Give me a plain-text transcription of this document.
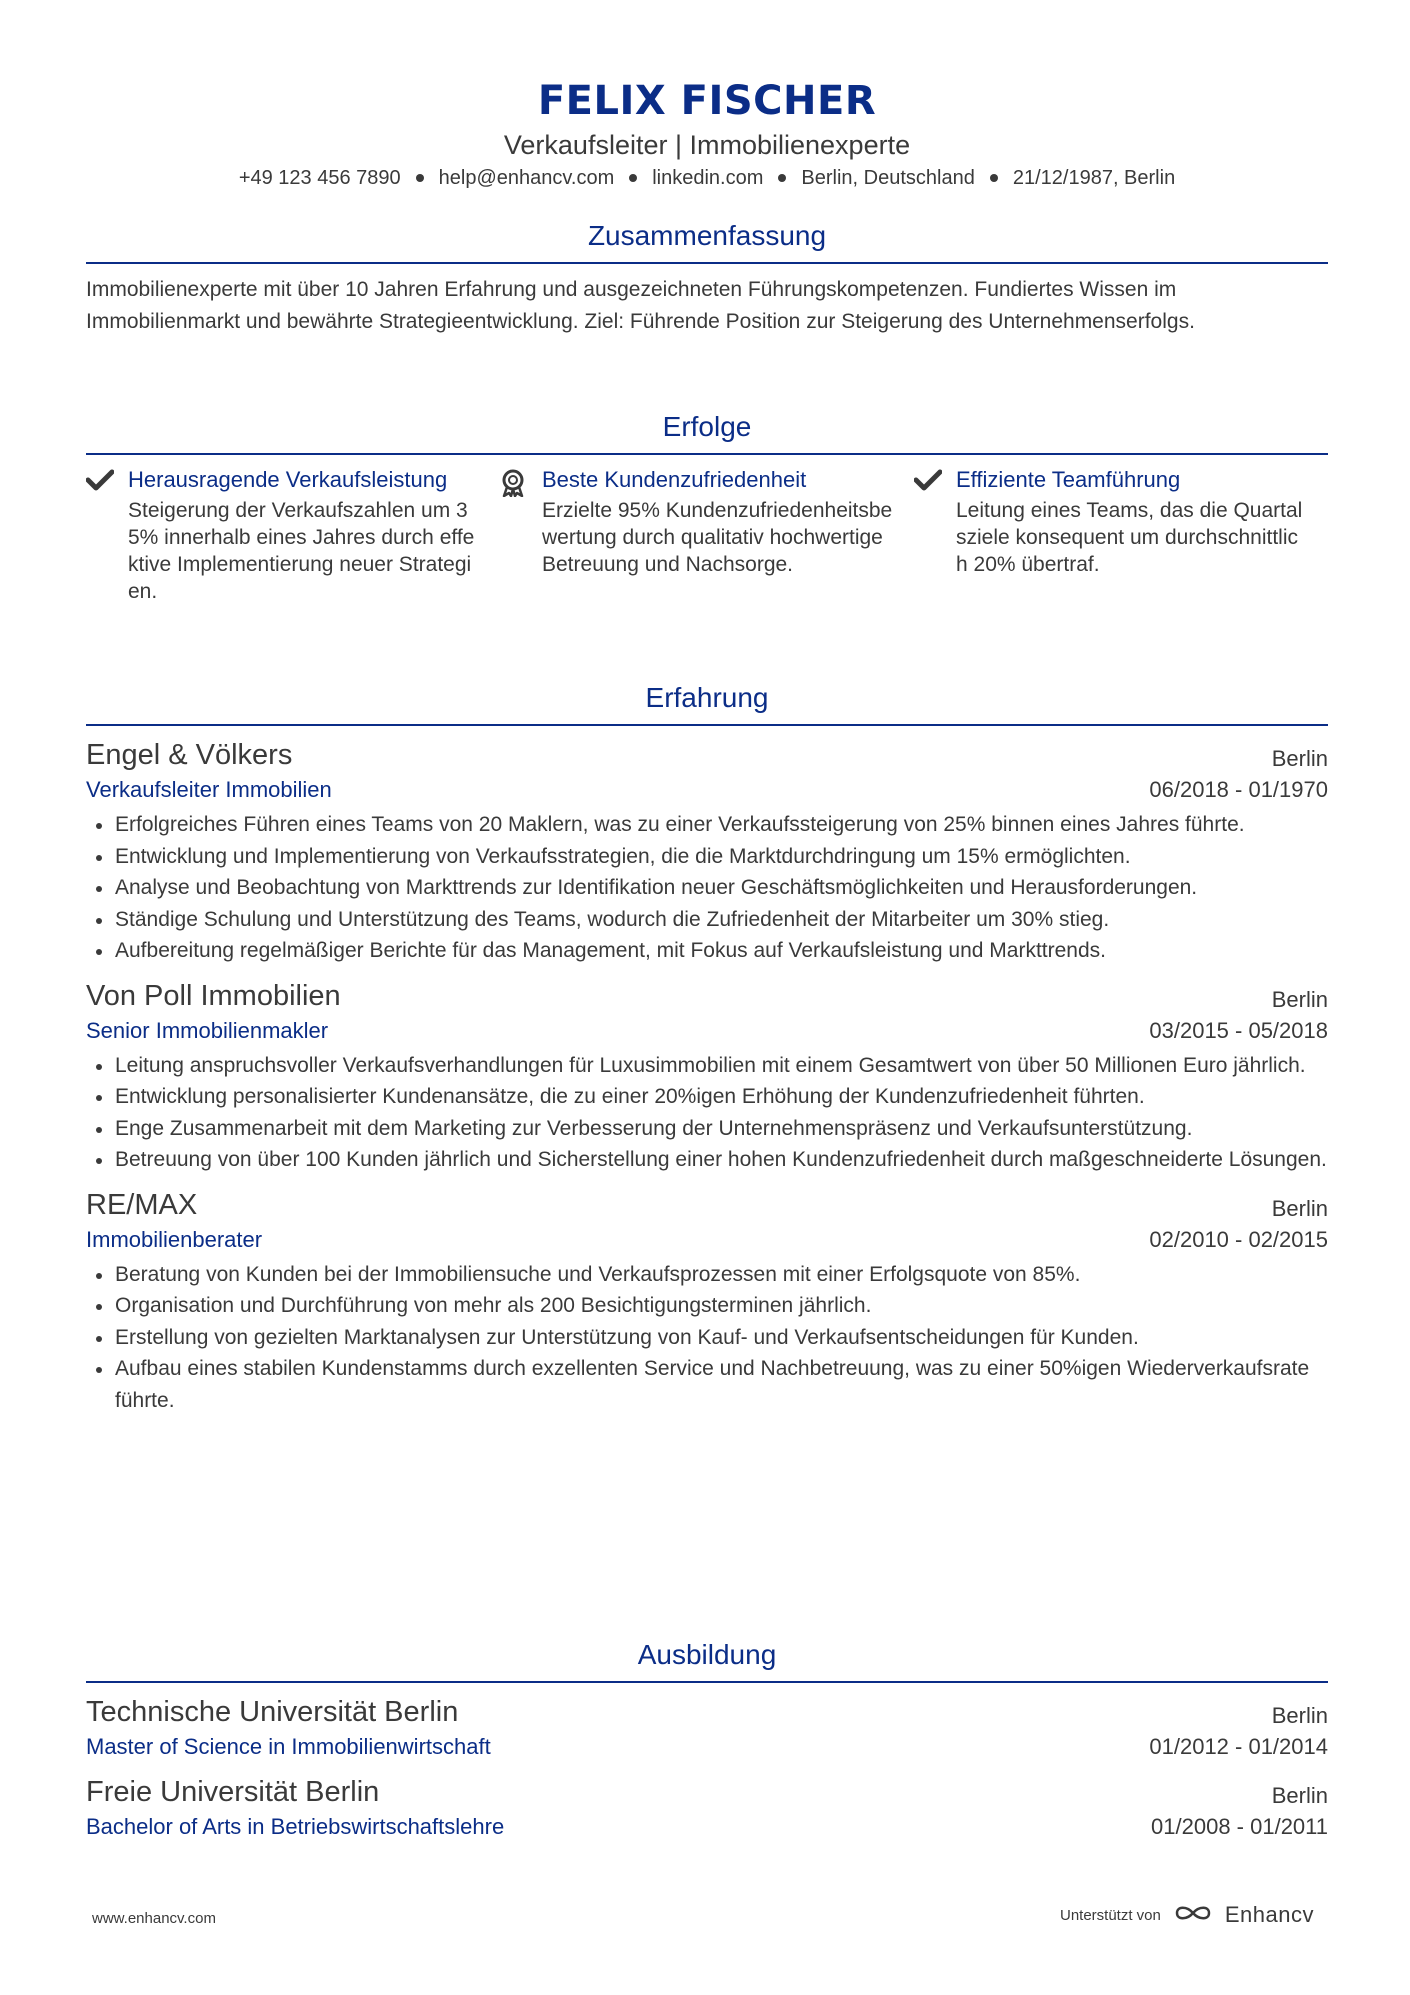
FELIX FISCHER
Verkaufsleiter | Immobilienexperte
+49 123 456 7890 help@enhancv.com linkedin.com Berlin, Deutschland 21/12/1987, Berlin
Zusammenfassung
Immobilienexperte mit über 10 Jahren Erfahrung und ausgezeichneten Führungskompetenzen. Fundiertes Wissen im Immobilienmarkt und bewährte Strategieentwicklung. Ziel: Führende Position zur Steigerung des Unternehmenserfolgs.
Erfolge
Herausragende Verkaufsleistung
Steigerung der Verkaufszahlen um 35% innerhalb eines Jahres durch effektive Implementierung neuer Strategien.
Beste Kundenzufriedenheit
Erzielte 95% Kundenzufriedenheitsbewertung durch qualitativ hochwertige Betreuung und Nachsorge.
Effiziente Teamführung
Leitung eines Teams, das die Quartalsziele konsequent um durchschnittlich 20% übertraf.
Erfahrung
Engel & Völkers	Berlin
Verkaufsleiter Immobilien	06/2018 - 01/1970
Erfolgreiches Führen eines Teams von 20 Maklern, was zu einer Verkaufssteigerung von 25% binnen eines Jahres führte.
Entwicklung und Implementierung von Verkaufsstrategien, die die Marktdurchdringung um 15% ermöglichten.
Analyse und Beobachtung von Markttrends zur Identifikation neuer Geschäftsmöglichkeiten und Herausforderungen.
Ständige Schulung und Unterstützung des Teams, wodurch die Zufriedenheit der Mitarbeiter um 30% stieg.
Aufbereitung regelmäßiger Berichte für das Management, mit Fokus auf Verkaufsleistung und Markttrends.
Von Poll Immobilien	Berlin
Senior Immobilienmakler	03/2015 - 05/2018
Leitung anspruchsvoller Verkaufsverhandlungen für Luxusimmobilien mit einem Gesamtwert von über 50 Millionen Euro jährlich.
Entwicklung personalisierter Kundenansätze, die zu einer 20%igen Erhöhung der Kundenzufriedenheit führten.
Enge Zusammenarbeit mit dem Marketing zur Verbesserung der Unternehmenspräsenz und Verkaufsunterstützung.
Betreuung von über 100 Kunden jährlich und Sicherstellung einer hohen Kundenzufriedenheit durch maßgeschneiderte Lösungen.
RE/MAX	Berlin
Immobilienberater	02/2010 - 02/2015
Beratung von Kunden bei der Immobiliensuche und Verkaufsprozessen mit einer Erfolgsquote von 85%.
Organisation und Durchführung von mehr als 200 Besichtigungsterminen jährlich.
Erstellung von gezielten Marktanalysen zur Unterstützung von Kauf- und Verkaufsentscheidungen für Kunden.
Aufbau eines stabilen Kundenstamms durch exzellenten Service und Nachbetreuung, was zu einer 50%igen Wiederverkaufsrate führte.
Ausbildung
Technische Universität Berlin	Berlin
Master of Science in Immobilienwirtschaft	01/2012 - 01/2014
Freie Universität Berlin	Berlin
Bachelor of Arts in Betriebswirtschaftslehre	01/2008 - 01/2011
www.enhancv.com	Unterstützt von	Enhancv
